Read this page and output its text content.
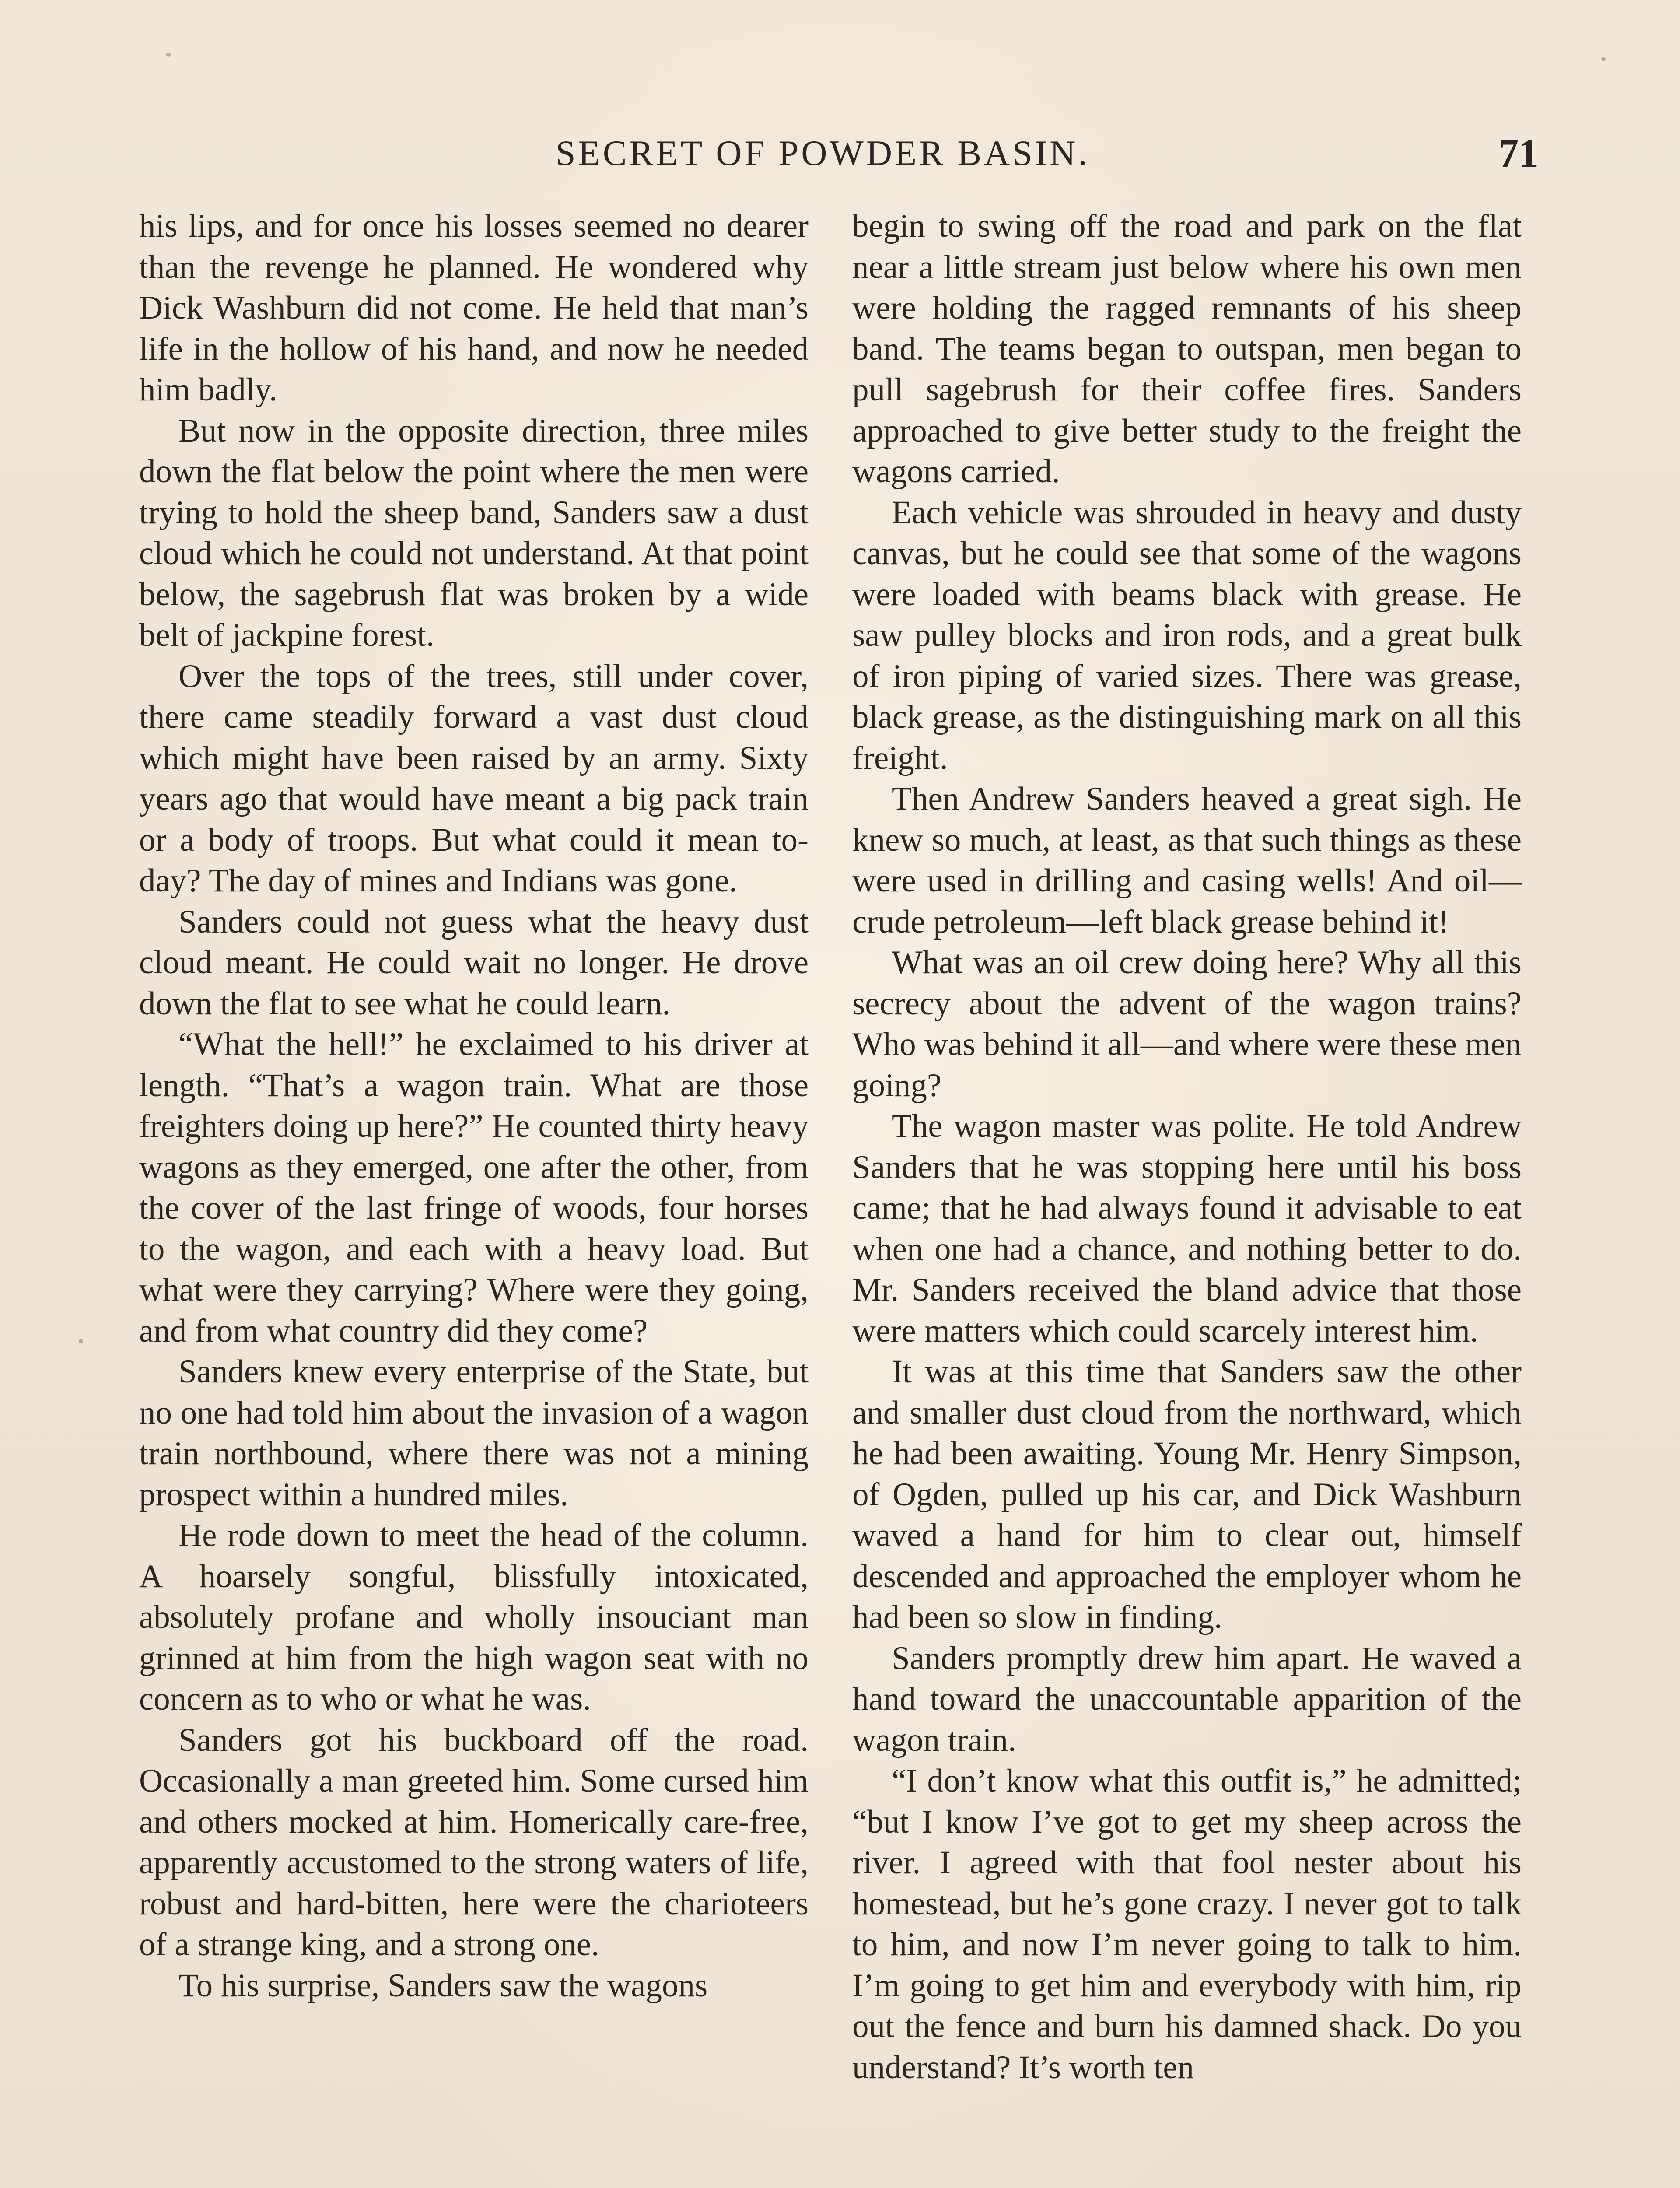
SECRET OF POWDER BASIN.	71

his lips, and for once his losses seemed no dearer than the revenge he planned. He wondered why Dick Washburn did not come. He held that man’s life in the hollow of his hand, and now he needed him badly.

But now in the opposite direction, three miles down the flat below the point where the men were trying to hold the sheep band, Sanders saw a dust cloud which he could not understand. At that point below, the sagebrush flat was broken by a wide belt of jackpine forest.

Over the tops of the trees, still under cover, there came steadily forward a vast dust cloud which might have been raised by an army. Sixty years ago that would have meant a big pack train or a body of troops. But what could it mean to-day? The day of mines and Indians was gone.

Sanders could not guess what the heavy dust cloud meant. He could wait no longer. He drove down the flat to see what he could learn.

“What the hell!” he exclaimed to his driver at length. “That’s a wagon train. What are those freighters doing up here?” He counted thirty heavy wagons as they emerged, one after the other, from the cover of the last fringe of woods, four horses to the wagon, and each with a heavy load. But what were they carrying? Where were they going, and from what country did they come?

Sanders knew every enterprise of the State, but no one had told him about the invasion of a wagon train northbound, where there was not a mining prospect within a hundred miles.

He rode down to meet the head of the column. A hoarsely songful, blissfully intoxicated, absolutely profane and wholly insouciant man grinned at him from the high wagon seat with no concern as to who or what he was.

Sanders got his buckboard off the road. Occasionally a man greeted him. Some cursed him and others mocked at him. Homerically care-free, apparently accustomed to the strong waters of life, robust and hard-bitten, here were the charioteers of a strange king, and a strong one.

To his surprise, Sanders saw the wagons

begin to swing off the road and park on the flat near a little stream just below where his own men were holding the ragged remnants of his sheep band. The teams began to outspan, men began to pull sagebrush for their coffee fires. Sanders approached to give better study to the freight the wagons carried.

Each vehicle was shrouded in heavy and dusty canvas, but he could see that some of the wagons were loaded with beams black with grease. He saw pulley blocks and iron rods, and a great bulk of iron piping of varied sizes. There was grease, black grease, as the distinguishing mark on all this freight.

Then Andrew Sanders heaved a great sigh. He knew so much, at least, as that such things as these were used in drilling and casing wells! And oil—crude petroleum—left black grease behind it!

What was an oil crew doing here? Why all this secrecy about the advent of the wagon trains? Who was behind it all—and where were these men going?

The wagon master was polite. He told Andrew Sanders that he was stopping here until his boss came; that he had always found it advisable to eat when one had a chance, and nothing better to do. Mr. Sanders received the bland advice that those were matters which could scarcely interest him.

It was at this time that Sanders saw the other and smaller dust cloud from the northward, which he had been awaiting. Young Mr. Henry Simpson, of Ogden, pulled up his car, and Dick Washburn waved a hand for him to clear out, himself descended and approached the employer whom he had been so slow in finding.

Sanders promptly drew him apart. He waved a hand toward the unaccountable apparition of the wagon train.

“I don’t know what this outfit is,” he admitted; “but I know I’ve got to get my sheep across the river. I agreed with that fool nester about his homestead, but he’s gone crazy. I never got to talk to him, and now I’m never going to talk to him. I’m going to get him and everybody with him, rip out the fence and burn his damned shack. Do you understand? It’s worth ten
